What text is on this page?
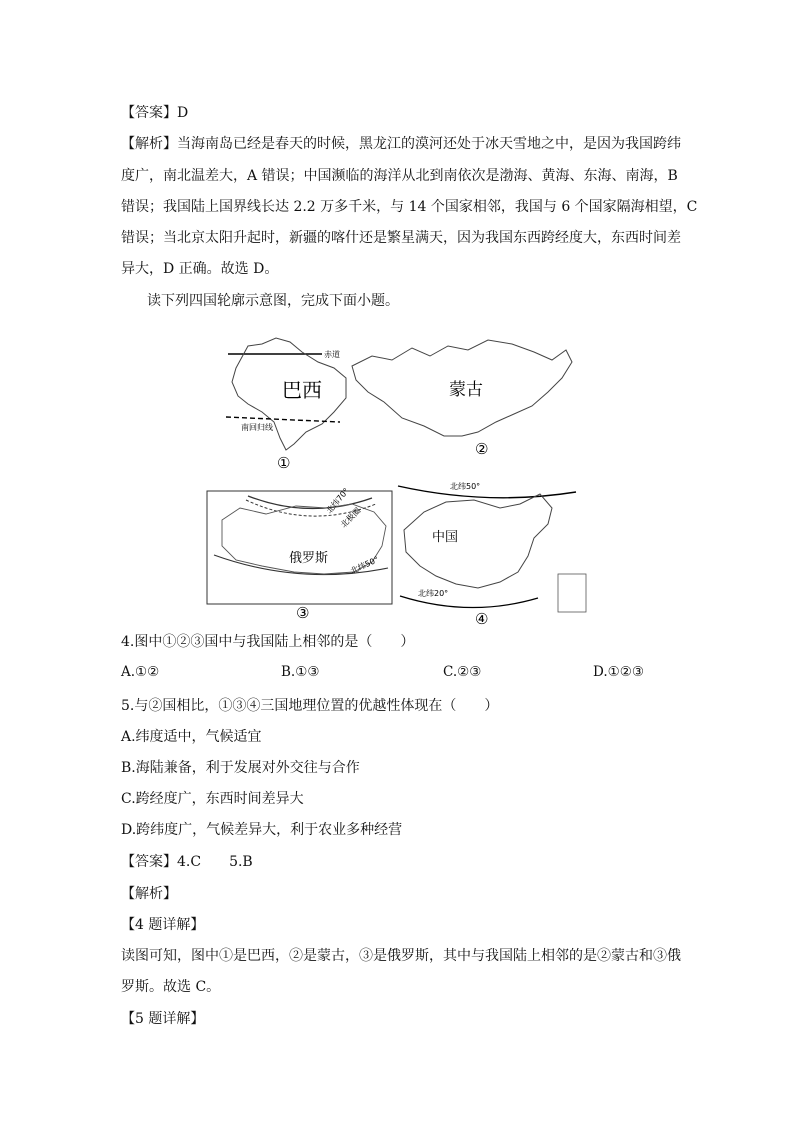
【答案】D
【解析】当海南岛已经是春天的时候，黑龙江的漠河还处于冰天雪地之中，是因为我国跨纬
度广，南北温差大，A 错误；中国濒临的海洋从北到南依次是渤海、黄海、东海、南海，B
错误；我国陆上国界线长达 2.2 万多千米，与 14 个国家相邻，我国与 6 个国家隔海相望，C
错误；当北京太阳升起时，新疆的喀什还是繁星满天，因为我国东西跨经度大，东西时间差
异大，D 正确。故选 D。
读下列四国轮廓示意图，完成下面小题。
赤道
南回归线
巴西
①
蒙古
②
北纬70°
北极圈
北纬50°
俄罗斯
③
北纬50°
北纬20°
中国
④
4.图中①②③国中与我国陆上相邻的是（　　）
A.①②	B.①③	C.②③	D.①②③
5.与②国相比，①③④三国地理位置的优越性体现在（　　）
A.纬度适中，气候适宜
B.海陆兼备，利于发展对外交往与合作
C.跨经度广，东西时间差异大
D.跨纬度广，气候差异大，利于农业多种经营
【答案】4.C　　5.B
【解析】
【4 题详解】
读图可知，图中①是巴西，②是蒙古，③是俄罗斯，其中与我国陆上相邻的是②蒙古和③俄
罗斯。故选 C。
【5 题详解】
